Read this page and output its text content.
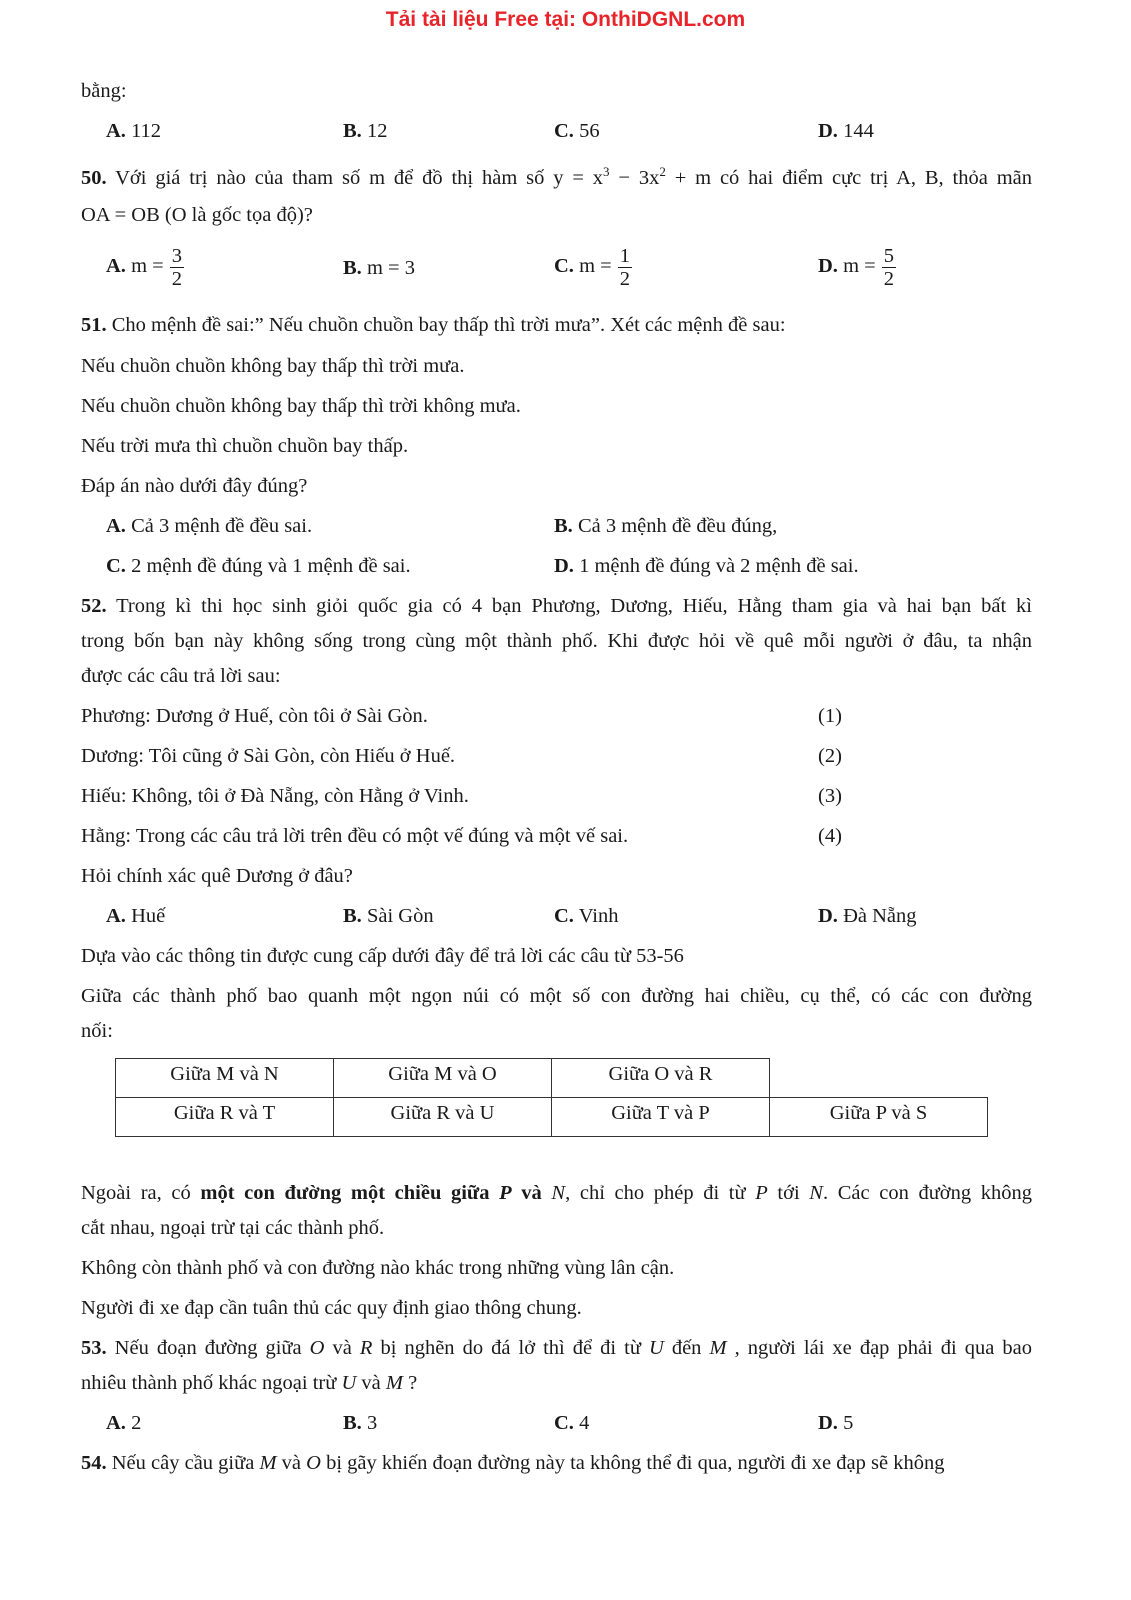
Tải tài liệu Free tại: OnthiDGNL.com
bằng:
A. 112	B. 12	C. 56	D. 144
50. Với giá trị nào của tham số m để đồ thị hàm số $y = x^3 - 3x^2 + m$ có hai điểm cực trị A, B, thỏa mãn
OA = OB (O là gốc tọa độ)?
A. $m = \frac{3}{2}$	B. m = 3	C. $m = \frac{1}{2}$	D. $m = \frac{5}{2}$
51. Cho mệnh đề sai:” Nếu chuồn chuồn bay thấp thì trời mưa”. Xét các mệnh đề sau:
Nếu chuồn chuồn không bay thấp thì trời mưa.
Nếu chuồn chuồn không bay thấp thì trời không mưa.
Nếu trời mưa thì chuồn chuồn bay thấp.
Đáp án nào dưới đây đúng?
A. Cả 3 mệnh đề đều sai.	B. Cả 3 mệnh đề đều đúng,
C. 2 mệnh đề đúng và 1 mệnh đề sai.	D. 1 mệnh đề đúng và 2 mệnh đề sai.
52. Trong kì thi học sinh giỏi quốc gia có 4 bạn Phương, Dương, Hiếu, Hằng tham gia và hai bạn bất kì
trong bốn bạn này không sống trong cùng một thành phố. Khi được hỏi về quê mỗi người ở đâu, ta nhận
được các câu trả lời sau:
Phương: Dương ở Huế, còn tôi ở Sài Gòn.	(1)
Dương: Tôi cũng ở Sài Gòn, còn Hiếu ở Huế.	(2)
Hiếu: Không, tôi ở Đà Nẵng, còn Hằng ở Vinh.	(3)
Hằng: Trong các câu trả lời trên đều có một vế đúng và một vế sai.	(4)
Hỏi chính xác quê Dương ở đâu?
A. Huế	B. Sài Gòn	C. Vinh	D. Đà Nẵng
Dựa vào các thông tin được cung cấp dưới đây để trả lời các câu từ 53-56
Giữa các thành phố bao quanh một ngọn núi có một số con đường hai chiều, cụ thể, có các con đường
nối:
Giữa M và N	Giữa M và O	Giữa O và R	
Giữa R và T	Giữa R và U	Giữa T và P	Giữa P và S
Ngoài ra, có một con đường một chiều giữa P và N, chỉ cho phép đi từ P tới N. Các con đường không
cắt nhau, ngoại trừ tại các thành phố.
Không còn thành phố và con đường nào khác trong những vùng lân cận.
Người đi xe đạp cần tuân thủ các quy định giao thông chung.
53. Nếu đoạn đường giữa O và R bị nghẽn do đá lở thì để đi từ U đến M , người lái xe đạp phải đi qua bao
nhiêu thành phố khác ngoại trừ U và M ?
A. 2	B. 3	C. 4	D. 5
54. Nếu cây cầu giữa M và O bị gãy khiến đoạn đường này ta không thể đi qua, người đi xe đạp sẽ không
